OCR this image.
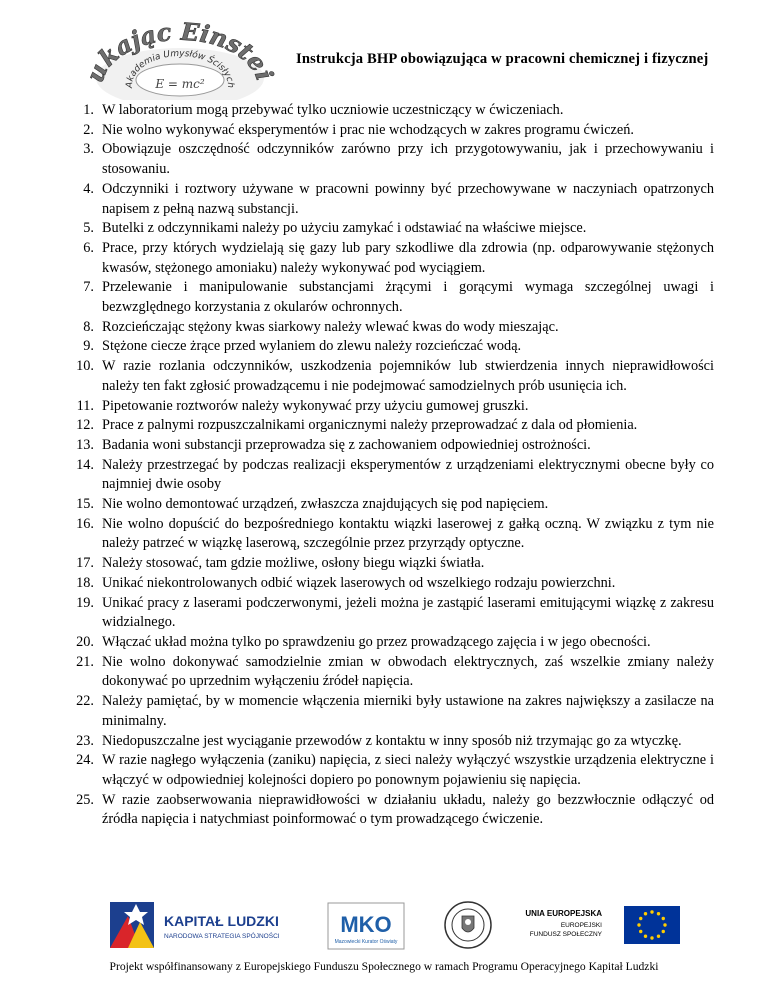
ukając Einstei
Akademia Umysłów Ścisłych
E = mc²
Instrukcja BHP obowiązująca w pracowni chemicznej i fizycznej
1. W laboratorium mogą przebywać tylko uczniowie uczestniczący w ćwiczeniach.
2. Nie wolno wykonywać eksperymentów i prac nie wchodzących w zakres programu ćwiczeń.
3. Obowiązuje oszczędność odczynników zarówno przy ich przygotowywaniu, jak i przechowywaniu i stosowaniu.
4. Odczynniki i roztwory używane w pracowni powinny być przechowywane w naczyniach opatrzonych napisem z pełną nazwą substancji.
5. Butelki z odczynnikami należy po użyciu zamykać i odstawiać na właściwe miejsce.
6. Prace, przy których wydzielają się gazy lub pary szkodliwe dla zdrowia (np. odparowywanie stężonych kwasów, stężonego amoniaku) należy wykonywać pod wyciągiem.
7. Przelewanie i manipulowanie substancjami żrącymi i gorącymi wymaga szczególnej uwagi i bezwzględnego korzystania z okularów ochronnych.
8. Rozcieńczając stężony kwas siarkowy należy wlewać kwas do wody mieszając.
9. Stężone ciecze żrące przed wylaniem do zlewu należy rozcieńczać wodą.
10. W razie rozlania odczynników, uszkodzenia pojemników lub stwierdzenia innych nieprawidłowości należy ten fakt zgłosić prowadzącemu i nie podejmować samodzielnych prób usunięcia ich.
11. Pipetowanie roztworów należy wykonywać przy użyciu gumowej gruszki.
12. Prace z palnymi rozpuszczalnikami organicznymi należy przeprowadzać z dala od płomienia.
13. Badania woni substancji przeprowadza się z zachowaniem odpowiedniej ostrożności.
14. Należy przestrzegać by podczas realizacji eksperymentów z urządzeniami elektrycznymi obecne były co najmniej dwie osoby
15. Nie wolno demontować urządzeń, zwłaszcza znajdujących się pod napięciem.
16. Nie wolno dopuścić do bezpośredniego kontaktu wiązki laserowej z gałką oczną. W związku z tym nie należy patrzeć w wiązkę laserową, szczególnie przez przyrządy optyczne.
17. Należy stosować, tam gdzie możliwe, osłony biegu wiązki światła.
18. Unikać niekontrolowanych odbić wiązek laserowych od wszelkiego rodzaju powierzchni.
19. Unikać pracy z laserami podczerwonymi, jeżeli można je zastąpić laserami emitującymi wiązkę z zakresu widzialnego.
20. Włączać układ można tylko po sprawdzeniu go przez prowadzącego zajęcia i w jego obecności.
21. Nie wolno dokonywać samodzielnie zmian w obwodach elektrycznych, zaś wszelkie zmiany należy dokonywać po uprzednim wyłączeniu źródeł napięcia.
22. Należy pamiętać, by w momencie włączenia mierniki były ustawione na zakres największy a zasilacze na minimalny.
23. Niedopuszczalne jest wyciąganie przewodów z kontaktu w inny sposób niż trzymając go za wtyczkę.
24. W razie nagłego wyłączenia (zaniku) napięcia, z sieci należy wyłączyć wszystkie urządzenia elektryczne i włączyć w odpowiedniej kolejności dopiero po ponownym pojawieniu się napięcia.
25. W razie zaobserwowania nieprawidłowości w działaniu układu, należy go bezzwłocznie odłączyć od źródła napięcia i natychmiast poinformować o tym prowadzącego ćwiczenie.
KAPITAŁ LUDZKI
NARODOWA STRATEGIA SPÓJNOŚCI	MKO
Mazowiecki Kurator Oświaty
UNIA EUROPEJSKA
EUROPEJSKI
FUNDUSZ SPOŁECZNY
Projekt współfinansowany z Europejskiego Funduszu Społecznego w ramach Programu Operacyjnego Kapitał Ludzki
